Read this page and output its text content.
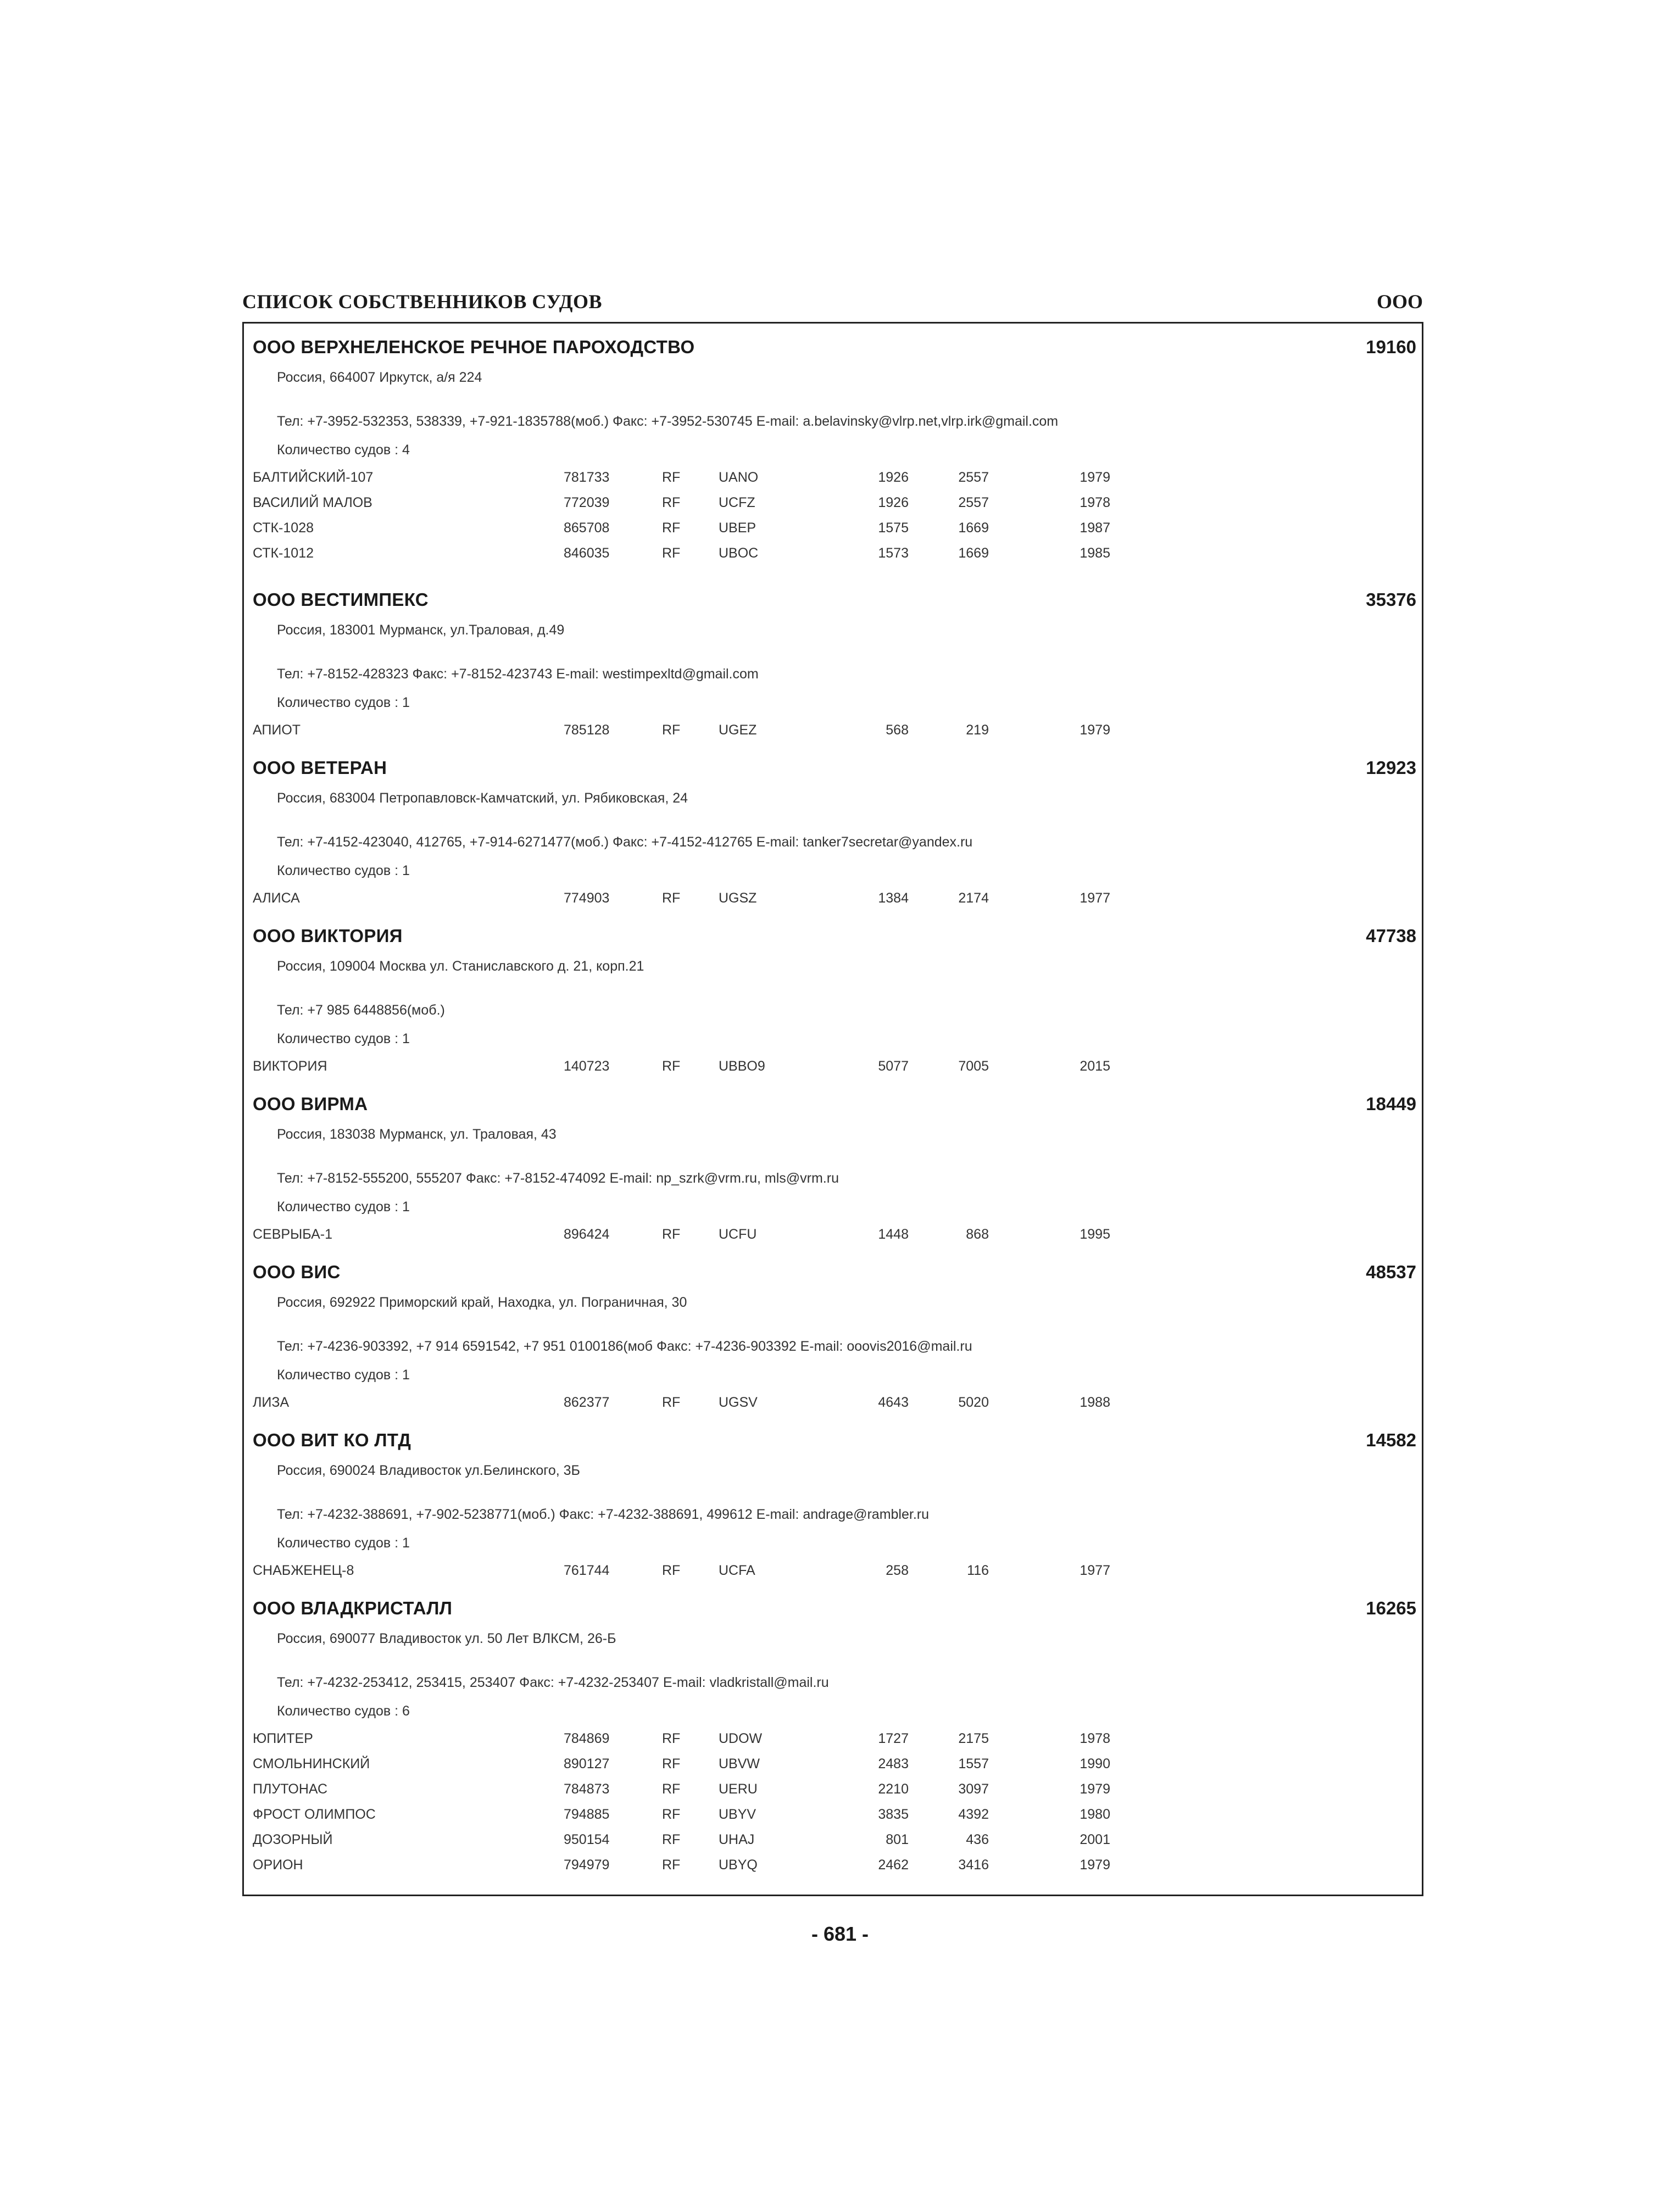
СПИСОК СОБСТВЕННИКОВ СУДОВ	ООО
ООО ВЕРХНЕЛЕНСКОЕ РЕЧНОЕ ПАРОХОДСТВО	19160
Россия, 664007 Иркутск, а/я 224
Тел: +7-3952-532353, 538339, +7-921-1835788(моб.) Факс: +7-3952-530745 E-mail: a.belavinsky@vlrp.net,vlrp.irk@gmail.com
Количество судов : 4
БАЛТИЙСКИЙ-107	781733	RF	UANO	1926	2557	1979
ВАСИЛИЙ МАЛОВ	772039	RF	UCFZ	1926	2557	1978
СТК-1028	865708	RF	UBEP	1575	1669	1987
СТК-1012	846035	RF	UBOC	1573	1669	1985
ООО ВЕСТИМПЕКС	35376
Россия, 183001 Мурманск, ул.Траловая, д.49
Тел: +7-8152-428323 Факс: +7-8152-423743 E-mail: westimpexltd@gmail.com
Количество судов : 1
АПИОТ	785128	RF	UGEZ	568	219	1979
ООО ВЕТЕРАН	12923
Россия, 683004 Петропавловск-Камчатский, ул. Рябиковская, 24
Тел: +7-4152-423040, 412765, +7-914-6271477(моб.) Факс: +7-4152-412765 E-mail: tanker7secretar@yandex.ru
Количество судов : 1
АЛИСА	774903	RF	UGSZ	1384	2174	1977
ООО ВИКТОРИЯ	47738
Россия, 109004 Москва ул. Станиславского д. 21, корп.21
Тел: +7 985 6448856(моб.)
Количество судов : 1
ВИКТОРИЯ	140723	RF	UBBO9	5077	7005	2015
ООО ВИРМА	18449
Россия, 183038 Мурманск, ул. Траловая, 43
Тел: +7-8152-555200, 555207 Факс: +7-8152-474092 E-mail: np_szrk@vrm.ru, mls@vrm.ru
Количество судов : 1
СЕВРЫБА-1	896424	RF	UCFU	1448	868	1995
ООО ВИС	48537
Россия, 692922 Приморский край, Находка, ул. Пограничная, 30
Тел: +7-4236-903392, +7 914 6591542, +7 951 0100186(моб Факс: +7-4236-903392 E-mail: ooovis2016@mail.ru
Количество судов : 1
ЛИЗА	862377	RF	UGSV	4643	5020	1988
ООО ВИТ КО ЛТД	14582
Россия, 690024 Владивосток ул.Белинского, 3Б
Тел: +7-4232-388691, +7-902-5238771(моб.) Факс: +7-4232-388691, 499612 E-mail: andrage@rambler.ru
Количество судов : 1
СНАБЖЕНЕЦ-8	761744	RF	UCFA	258	116	1977
ООО ВЛАДКРИСТАЛЛ	16265
Россия, 690077 Владивосток ул. 50 Лет ВЛКСМ, 26-Б
Тел: +7-4232-253412, 253415, 253407 Факс: +7-4232-253407 E-mail: vladkristall@mail.ru
Количество судов : 6
ЮПИТЕР	784869	RF	UDOW	1727	2175	1978
СМОЛЬНИНСКИЙ	890127	RF	UBVW	2483	1557	1990
ПЛУТОНАС	784873	RF	UERU	2210	3097	1979
ФРОСТ ОЛИМПОС	794885	RF	UBYV	3835	4392	1980
ДОЗОРНЫЙ	950154	RF	UHAJ	801	436	2001
ОРИОН	794979	RF	UBYQ	2462	3416	1979
- 681 -
